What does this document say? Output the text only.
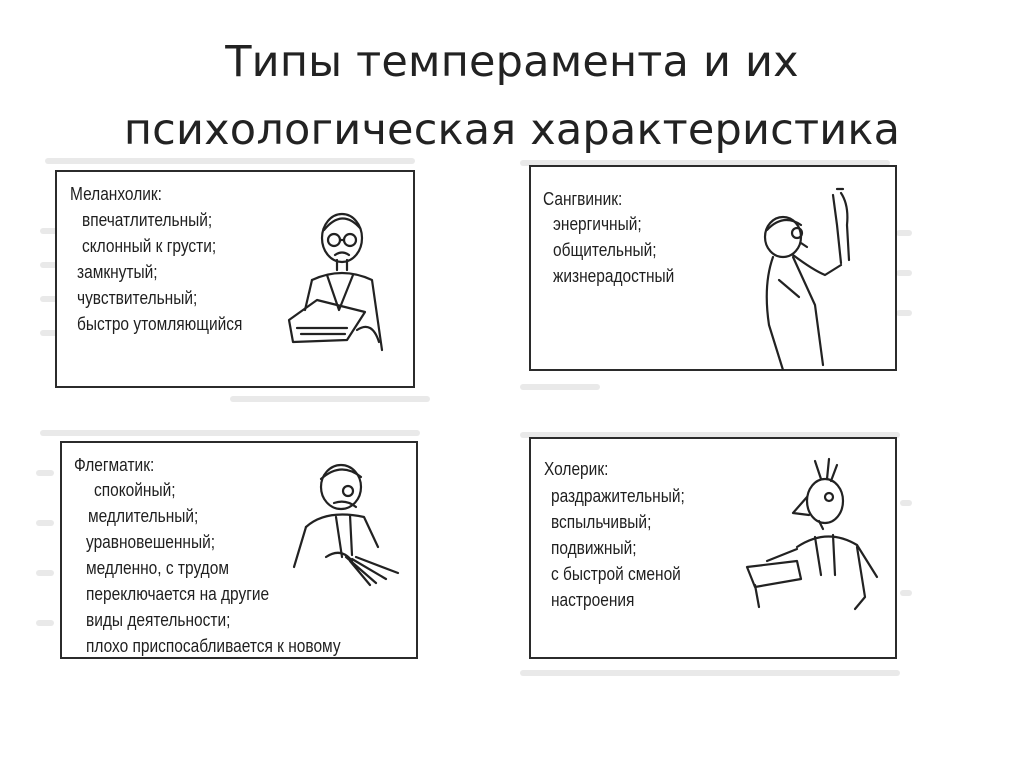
Типы темперамента и их
психологическая характеристика
Меланхолик:
впечатлительный;
склонный к грусти;
замкнутый;
чувствительный;
быстро утомляющийся
Сангвиник:
энергичный;
общительный;
жизнерадостный
Флегматик:
спокойный;
медлительный;
уравновешенный;
медленно, с трудом
переключается на другие
виды деятельности;
плохо приспосабливается к новому
Холерик:
раздражительный;
вспыльчивый;
подвижный;
с быстрой сменой
настроения
